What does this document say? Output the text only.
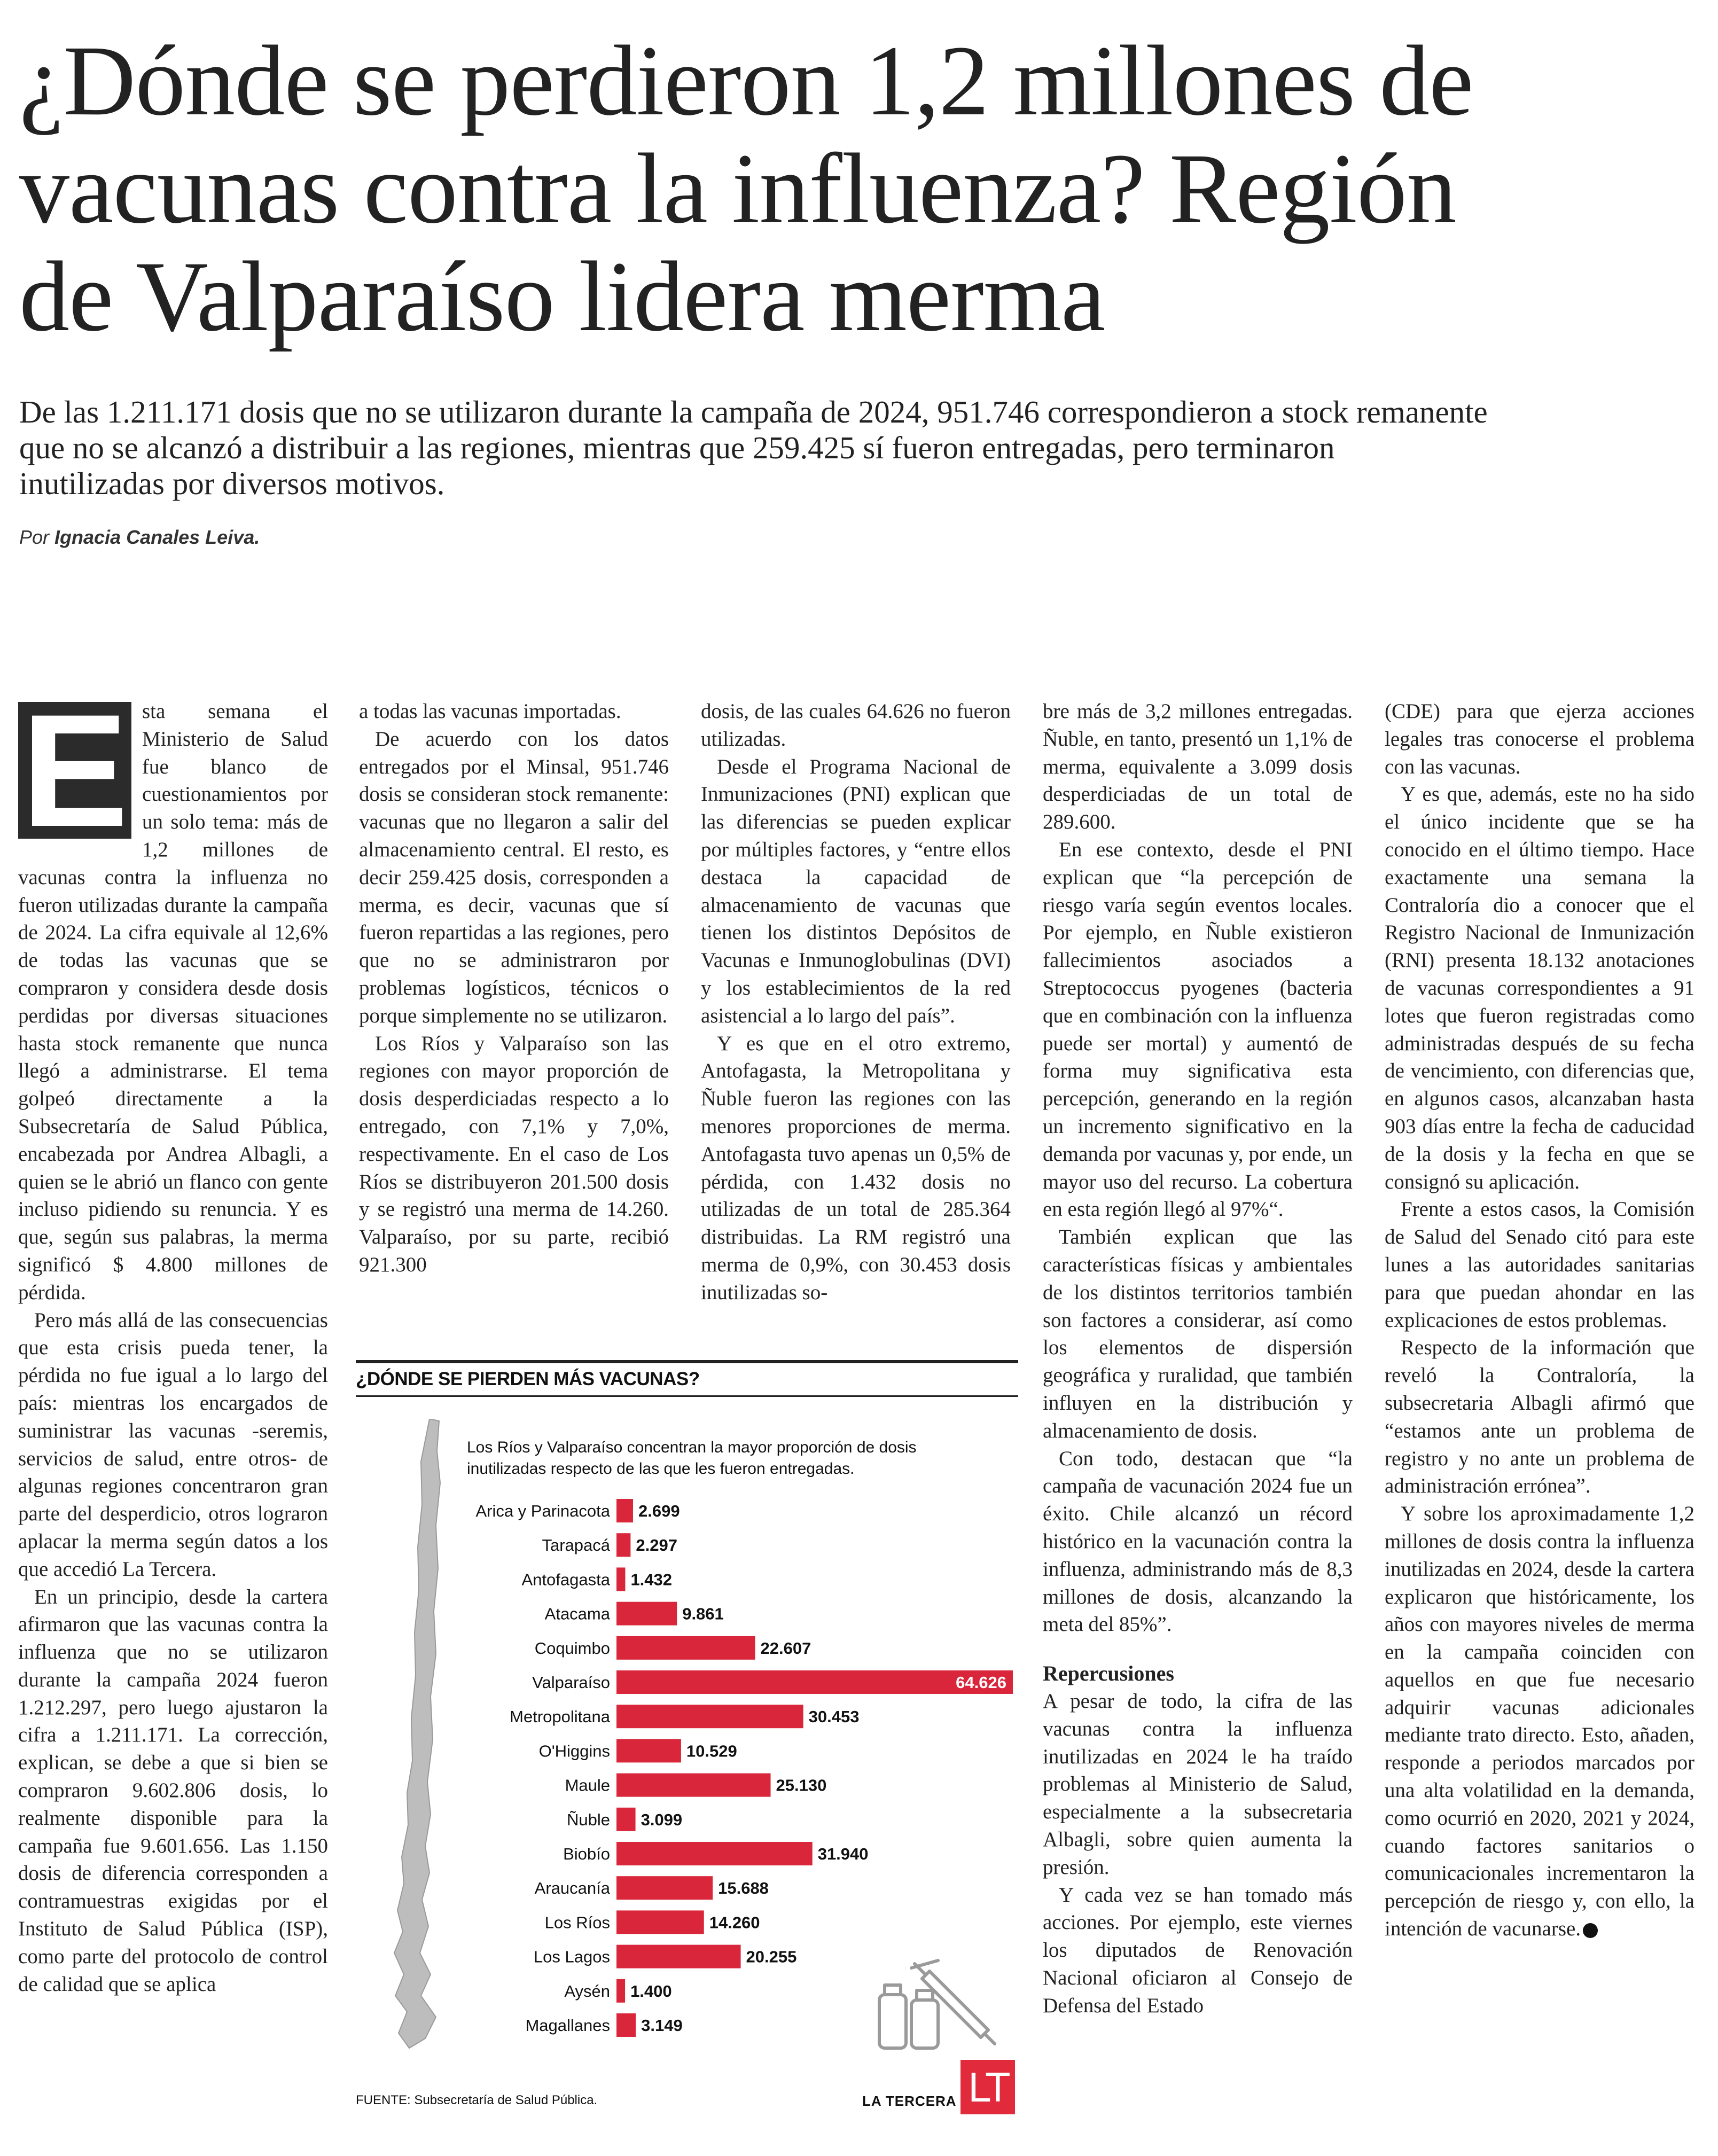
¿Dónde se perdieron 1,2 millones de
vacunas contra la influenza? Región
de Valparaíso lidera merma
De las 1.211.171 dosis que no se utilizaron durante la campaña de 2024, 951.746 correspondieron a stock remanente
que no se alcanzó a distribuir a las regiones, mientras que 259.425 sí fueron entregadas, pero terminaron
inutilizadas por diversos motivos.
Por Ignacia Canales Leiva.
E sta semana el Ministerio de Salud fue blanco de cuestionamientos por un solo tema: más de 1,2 millones de vacunas contra la influenza no fueron utilizadas durante la campaña de 2024. La cifra equivale al 12,6% de todas las vacunas que se compraron y considera desde dosis perdidas por diversas situaciones hasta stock remanente que nunca llegó a administrarse. El tema golpeó directamente a la Subsecretaría de Salud Pública, encabezada por Andrea Albagli, a quien se le abrió un flanco con gente incluso pidiendo su renuncia. Y es que, según sus palabras, la merma significó $ 4.800 millones de pérdida.

Pero más allá de las consecuencias que esta crisis pueda tener, la pérdida no fue igual a lo largo del país: mientras los encargados de suministrar las vacunas -seremis, servicios de salud, entre otros- de algunas regiones concentraron gran parte del desperdicio, otros lograron aplacar la merma según datos a los que accedió La Tercera.

En un principio, desde la cartera afirmaron que las vacunas contra la influenza que no se utilizaron durante la campaña 2024 fueron 1.212.297, pero luego ajustaron la cifra a 1.211.171. La corrección, explican, se debe a que si bien se compraron 9.602.806 dosis, lo realmente disponible para la campaña fue 9.601.656. Las 1.150 dosis de diferencia corresponden a contramuestras exigidas por el Instituto de Salud Pública (ISP), como parte del protocolo de control de calidad que se aplica

a todas las vacunas importadas.

De acuerdo con los datos entregados por el Minsal, 951.746 dosis se consideran stock remanente: vacunas que no llegaron a salir del almacenamiento central. El resto, es decir 259.425 dosis, corresponden a merma, es decir, vacunas que sí fueron repartidas a las regiones, pero que no se administraron por problemas logísticos, técnicos o porque simplemente no se utilizaron.

Los Ríos y Valparaíso son las regiones con mayor proporción de dosis desperdiciadas respecto a lo entregado, con 7,1% y 7,0%, respectivamente. En el caso de Los Ríos se distribuyeron 201.500 dosis y se registró una merma de 14.260. Valparaíso, por su parte, recibió 921.300

dosis, de las cuales 64.626 no fueron utilizadas.

Desde el Programa Nacional de Inmunizaciones (PNI) explican que las diferencias se pueden explicar por múltiples factores, y “entre ellos destaca la capacidad de almacenamiento de vacunas que tienen los distintos Depósitos de Vacunas e Inmunoglobulinas (DVI) y los establecimientos de la red asistencial a lo largo del país”.

Y es que en el otro extremo, Antofagasta, la Metropolitana y Ñuble fueron las regiones con las menores proporciones de merma. Antofagasta tuvo apenas un 0,5% de pérdida, con 1.432 dosis no utilizadas de un total de 285.364 distribuidas. La RM registró una merma de 0,9%, con 30.453 dosis inutilizadas so-

bre más de 3,2 millones entregadas. Ñuble, en tanto, presentó un 1,1% de merma, equivalente a 3.099 dosis desperdiciadas de un total de 289.600.

En ese contexto, desde el PNI explican que “la percepción de riesgo varía según eventos locales. Por ejemplo, en Ñuble existieron fallecimientos asociados a Streptococcus pyogenes (bacteria que en combinación con la influenza puede ser mortal) y aumentó de forma muy significativa esta percepción, generando en la región un incremento significativo en la demanda por vacunas y, por ende, un mayor uso del recurso. La cobertura en esta región llegó al 97%“.

También explican que las características físicas y ambientales de los distintos territorios también son factores a considerar, así como los elementos de dispersión geográfica y ruralidad, que también influyen en la distribución y almacenamiento de dosis.

Con todo, destacan que “la campaña de vacunación 2024 fue un éxito. Chile alcanzó un récord histórico en la vacunación contra la influenza, administrando más de 8,3 millones de dosis, alcanzando la meta del 85%”.

Repercusiones

A pesar de todo, la cifra de las vacunas contra la influenza inutilizadas en 2024 le ha traído problemas al Ministerio de Salud, especialmente a la subsecretaria Albagli, sobre quien aumenta la presión.

Y cada vez se han tomado más acciones. Por ejemplo, este viernes los diputados de Renovación Nacional oficiaron al Consejo de Defensa del Estado

(CDE) para que ejerza acciones legales tras conocerse el problema con las vacunas.

Y es que, además, este no ha sido el único incidente que se ha conocido en el último tiempo. Hace exactamente una semana la Contraloría dio a conocer que el Registro Nacional de Inmunización (RNI) presenta 18.132 anotaciones de vacunas correspondientes a 91 lotes que fueron registradas como administradas después de su fecha de vencimiento, con diferencias que, en algunos casos, alcanzaban hasta 903 días entre la fecha de caducidad de la dosis y la fecha en que se consignó su aplicación.

Frente a estos casos, la Comisión de Salud del Senado citó para este lunes a las autoridades sanitarias para que puedan ahondar en las explicaciones de estos problemas.

Respecto de la información que reveló la Contraloría, la subsecretaria Albagli afirmó que “estamos ante un problema de registro y no ante un problema de administración errónea”.

Y sobre los aproximadamente 1,2 millones de dosis contra la influenza inutilizadas en 2024, desde la cartera explicaron que históricamente, los años con mayores niveles de merma en la campaña coinciden con aquellos en que fue necesario adquirir vacunas adicionales mediante trato directo. Esto, añaden, responde a periodos marcados por una alta volatilidad en la demanda, como ocurrió en 2020, 2021 y 2024, cuando factores sanitarios o comunicacionales incrementaron la percepción de riesgo y, con ello, la intención de vacunarse.

¿DÓNDE SE PIERDEN MÁS VACUNAS?
Los Ríos y Valparaíso concentran la mayor proporción de dosis inutilizadas respecto de las que les fueron entregadas.
Arica y Parinacota 2.699
Tarapacá 2.297
Antofagasta 1.432
Atacama	9.861
Coquimbo	22.607
Valparaíso	64.626
Metropolitana	30.453
O'Higgins	10.529
Maule	25.130
Ñuble 3.099
Biobío	31.940
Araucanía	15.688
Los Ríos	14.260
Los Lagos	20.255
Aysén 1.400
Magallanes 3.149
FUENTE: Subsecretaría de Salud Pública.	LA TERCERA LT
